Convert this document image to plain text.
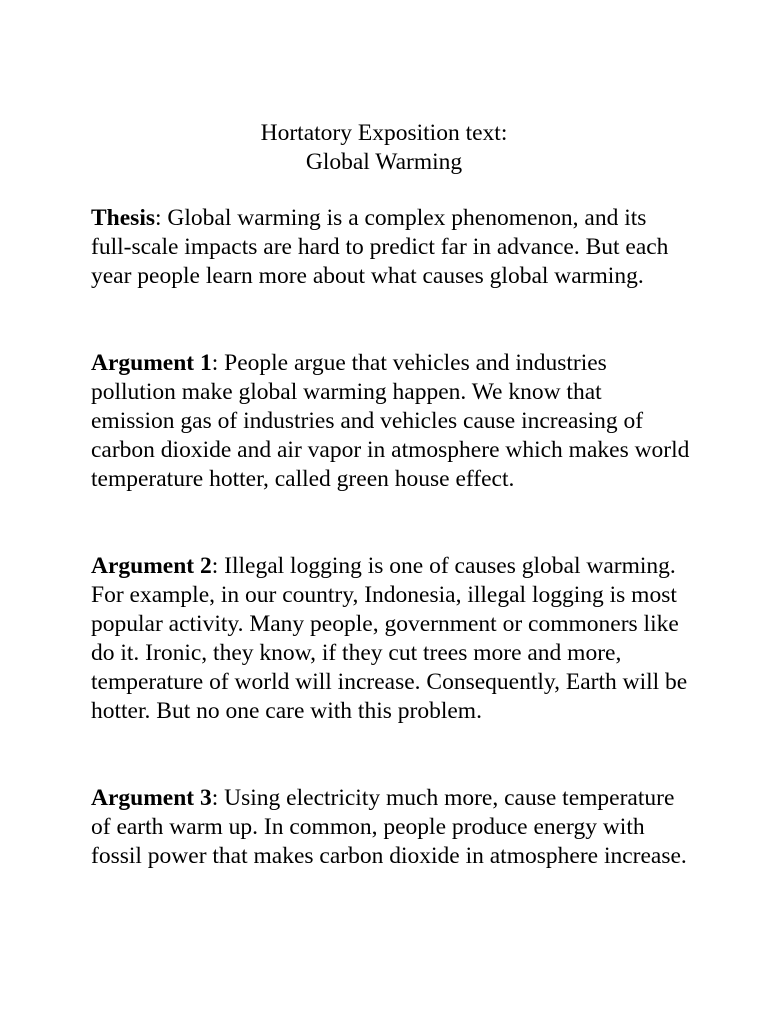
Hortatory Exposition text:
Global Warming

Thesis: Global warming is a complex phenomenon, and its full-scale impacts are hard to predict far in advance. But each year people learn more about what causes global warming.

Argument 1: People argue that vehicles and industries pollution make global warming happen. We know that emission gas of industries and vehicles cause increasing of carbon dioxide and air vapor in atmosphere which makes world temperature hotter, called green house effect.

Argument 2: Illegal logging is one of causes global warming. For example, in our country, Indonesia, illegal logging is most popular activity. Many people, government or commoners like do it. Ironic, they know, if they cut trees more and more, temperature of world will increase. Consequently, Earth will be hotter. But no one care with this problem.

Argument 3: Using electricity much more, cause temperature of earth warm up. In common, people produce energy with fossil power that makes carbon dioxide in atmosphere increase.
